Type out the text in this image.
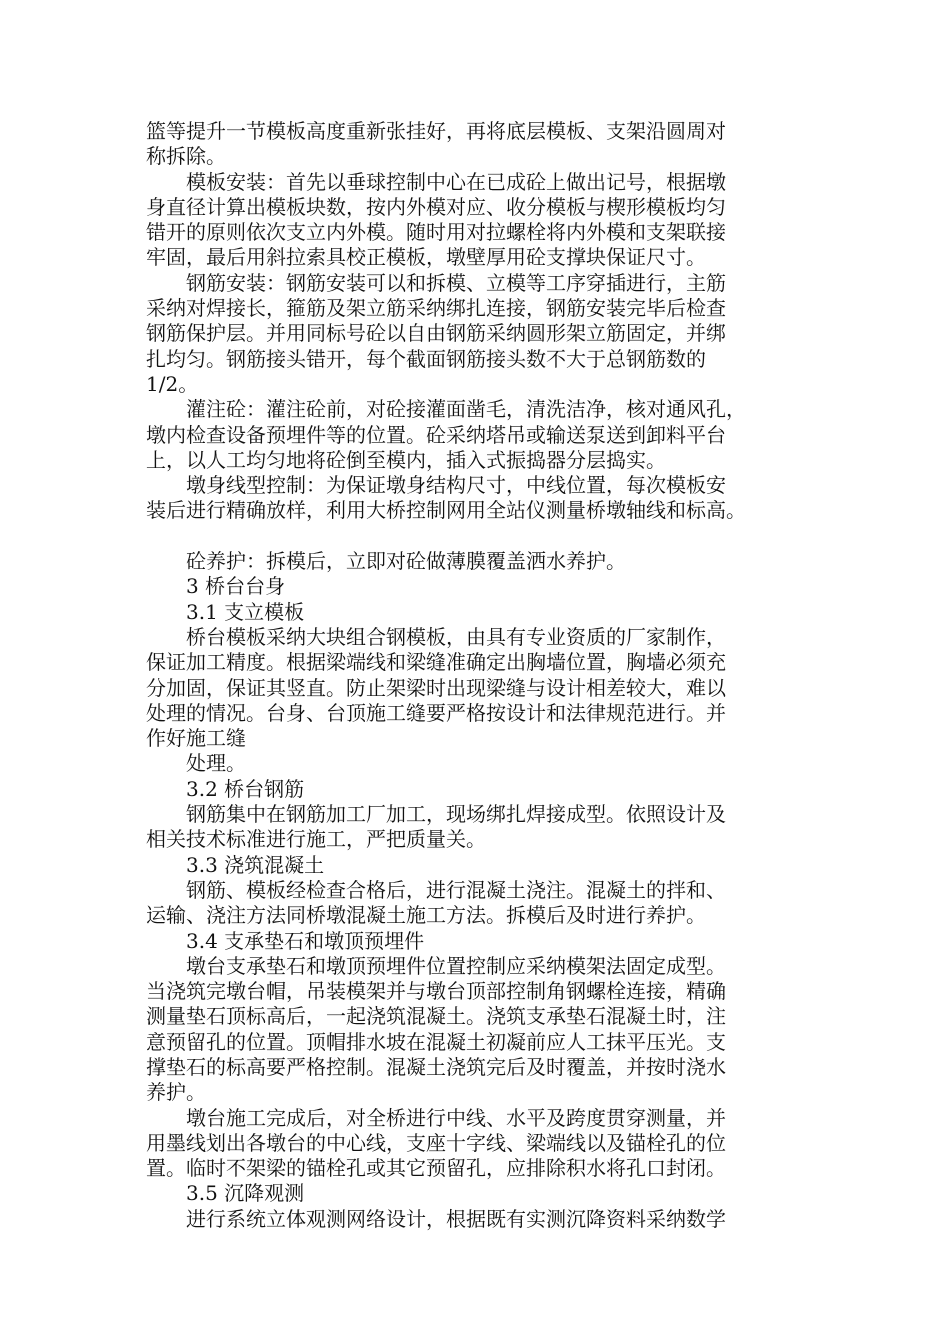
篮等提升一节模板高度重新张挂好，再将底层模板、支架沿圆周对
称拆除。

模板安装：首先以垂球控制中心在已成砼上做出记号，根据墩
身直径计算出模板块数，按内外模对应、收分模板与楔形模板均匀
错开的原则依次支立内外模。随时用对拉螺栓将内外模和支架联接
牢固，最后用斜拉索具校正模板，墩壁厚用砼支撑块保证尺寸。

钢筋安装：钢筋安装可以和拆模、立模等工序穿插进行，主筋
采纳对焊接长，箍筋及架立筋采纳绑扎连接，钢筋安装完毕后检查
钢筋保护层。并用同标号砼以自由钢筋采纳圆形架立筋固定，并绑
扎均匀。钢筋接头错开，每个截面钢筋接头数不大于总钢筋数的
1/2。

灌注砼：灌注砼前，对砼接灌面凿毛，清洗洁净，核对通风孔，
墩内检查设备预埋件等的位置。砼采纳塔吊或输送泵送到卸料平台
上，以人工均匀地将砼倒至模内，插入式振捣器分层捣实。

墩身线型控制：为保证墩身结构尺寸，中线位置，每次模板安
装后进行精确放样，利用大桥控制网用全站仪测量桥墩轴线和标高。

砼养护：拆模后，立即对砼做薄膜覆盖洒水养护。

3 桥台台身

3.1 支立模板

桥台模板采纳大块组合钢模板，由具有专业资质的厂家制作，
保证加工精度。根据梁端线和梁缝准确定出胸墙位置，胸墙必须充
分加固，保证其竖直。防止架梁时出现梁缝与设计相差较大，难以
处理的情况。台身、台顶施工缝要严格按设计和法律规范进行。并
作好施工缝

处理。

3.2 桥台钢筋

钢筋集中在钢筋加工厂加工，现场绑扎焊接成型。依照设计及
相关技术标准进行施工，严把质量关。

3.3 浇筑混凝土

钢筋、模板经检查合格后，进行混凝土浇注。混凝土的拌和、
运输、浇注方法同桥墩混凝土施工方法。拆模后及时进行养护。

3.4 支承垫石和墩顶预埋件

墩台支承垫石和墩顶预埋件位置控制应采纳模架法固定成型。
当浇筑完墩台帽，吊装模架并与墩台顶部控制角钢螺栓连接，精确
测量垫石顶标高后，一起浇筑混凝土。浇筑支承垫石混凝土时，注
意预留孔的位置。顶帽排水坡在混凝土初凝前应人工抹平压光。支
撑垫石的标高要严格控制。混凝土浇筑完后及时覆盖，并按时浇水
养护。

墩台施工完成后，对全桥进行中线、水平及跨度贯穿测量，并
用墨线划出各墩台的中心线，支座十字线、梁端线以及锚栓孔的位
置。临时不架梁的锚栓孔或其它预留孔，应排除积水将孔口封闭。

3.5 沉降观测

进行系统立体观测网络设计，根据既有实测沉降资料采纳数学
